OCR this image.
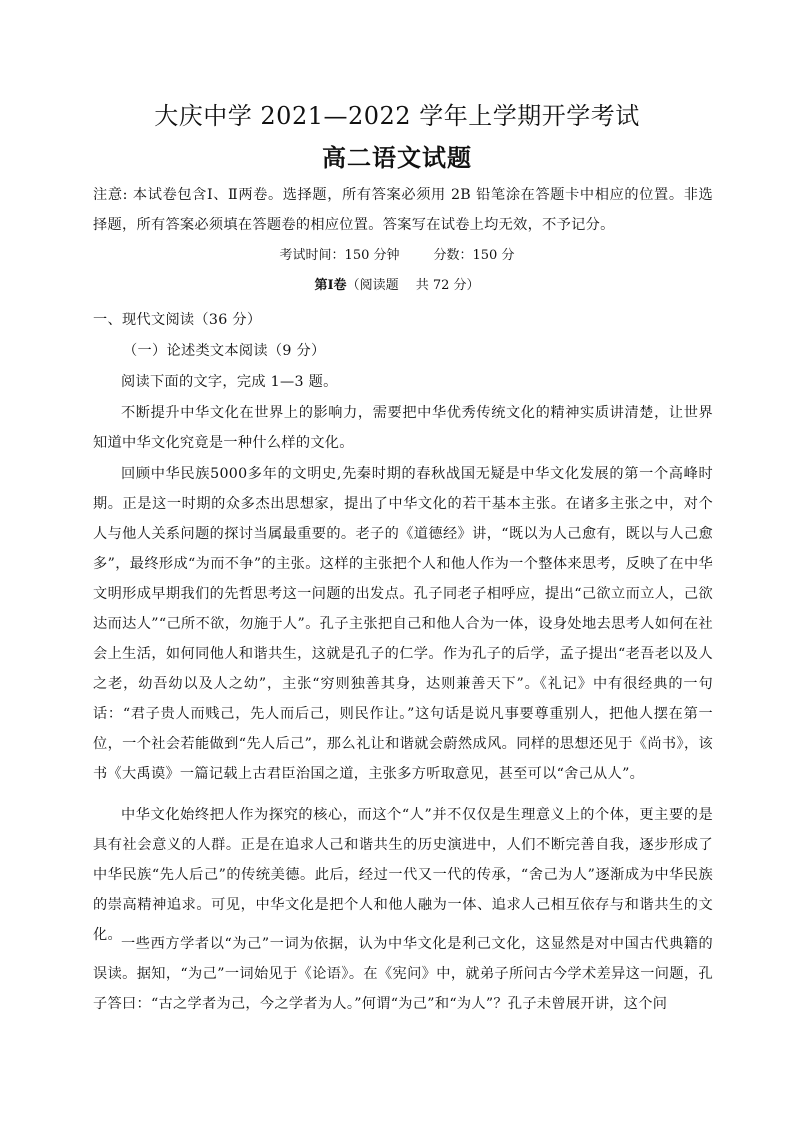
大庆中学 2021—2022 学年上学期开学考试
高二语文试题
注意: 本试卷包含Ⅰ、Ⅱ两卷。选择题，所有答案必须用 2B 铅笔涂在答题卡中相应的位置。非选择题，所有答案必须填在答题卷的相应位置。答案写在试卷上均无效，不予记分。
考试时间：150 分钟	分数：150 分
第Ⅰ卷（阅读题　 共 72 分）
一、现代文阅读（36 分）
（一）论述类文本阅读（9 分）
阅读下面的文字，完成 1—3 题。
不断提升中华文化在世界上的影响力，需要把中华优秀传统文化的精神实质讲清楚，让世界知道中华文化究竟是一种什么样的文化。
回顾中华民族5000多年的文明史,先秦时期的春秋战国无疑是中华文化发展的第一个高峰时期。正是这一时期的众多杰出思想家，提出了中华文化的若干基本主张。在诸多主张之中，对个人与他人关系问题的探讨当属最重要的。老子的《道德经》讲，“既以为人己愈有，既以与人己愈多”，最终形成“为而不争”的主张。这样的主张把个人和他人作为一个整体来思考，反映了在中华文明形成早期我们的先哲思考这一问题的出发点。孔子同老子相呼应，提出“己欲立而立人，己欲达而达人”“己所不欲，勿施于人”。孔子主张把自己和他人合为一体，设身处地去思考人如何在社会上生活，如何同他人和谐共生，这就是孔子的仁学。作为孔子的后学，孟子提出“老吾老以及人之老，幼吾幼以及人之幼”，主张“穷则独善其身，达则兼善天下”。《礼记》中有很经典的一句话：“君子贵人而贱己，先人而后己，则民作让。”这句话是说凡事要尊重别人，把他人摆在第一位，一个社会若能做到“先人后己”，那么礼让和谐就会蔚然成风。同样的思想还见于《尚书》，该书《大禹谟》一篇记载上古君臣治国之道，主张多方听取意见，甚至可以“舍己从人”。
中华文化始终把人作为探究的核心，而这个“人”并不仅仅是生理意义上的个体，更主要的是具有社会意义的人群。正是在追求人己和谐共生的历史演进中，人们不断完善自我，逐步形成了中华民族“先人后己”的传统美德。此后，经过一代又一代的传承，“舍己为人”逐渐成为中华民族的崇高精神追求。可见，中华文化是把个人和他人融为一体、追求人己相互依存与和谐共生的文化。
一些西方学者以“为己”一词为依据，认为中华文化是利己文化，这显然是对中国古代典籍的误读。据知，“为己”一词始见于《论语》。在《宪问》中，就弟子所问古今学术差异这一问题，孔子答曰：“古之学者为己，今之学者为人。”何谓“为己”和“为人”？孔子未曾展开讲，这个问
